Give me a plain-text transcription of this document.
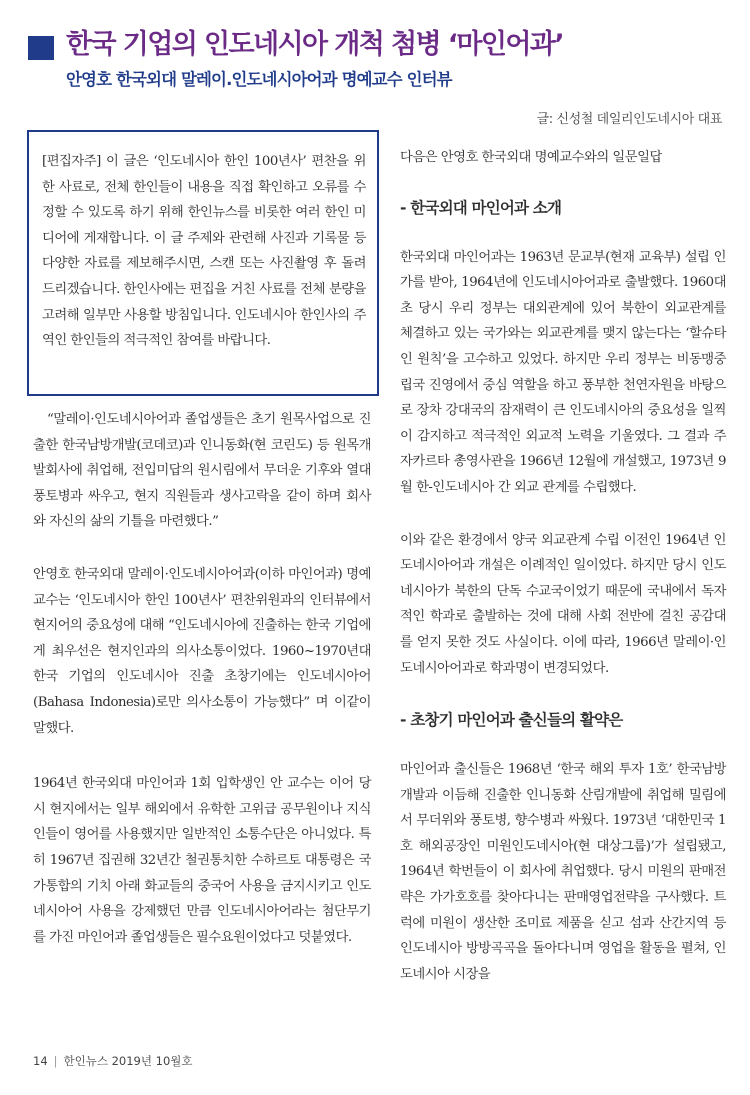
한국 기업의 인도네시아 개척 첨병 ‘마인어과’
안영호 한국외대 말레이.인도네시아어과 명예교수 인터뷰
글: 신성철 데일리인도네시아 대표

[편집자주] 이 글은 ‘인도네시아 한인 100년사’ 편찬을 위한 사료로, 전체 한인들이 내용을 직접 확인하고 오류를 수정할 수 있도록 하기 위해 한인뉴스를 비롯한 여러 한인 미디어에 게재합니다. 이 글 주제와 관련해 사진과 기록물 등 다양한 자료를 제보해주시면, 스캔 또는 사진촬영 후 돌려드리겠습니다. 한인사에는 편집을 거친 사료를 전체 분량을 고려해 일부만 사용할 방침입니다. 인도네시아 한인사의 주역인 한인들의 적극적인 참여를 바랍니다.

“말레이·인도네시아어과 졸업생들은 초기 원목사업으로 진출한 한국남방개발(코데코)과 인니동화(현 코린도) 등 원목개발회사에 취업해, 전입미답의 원시림에서 무더운 기후와 열대 풍토병과 싸우고, 현지 직원들과 생사고락을 같이 하며 회사와 자신의 삶의 기틀을 마련했다.”

안영호 한국외대 말레이·인도네시아어과(이하 마인어과) 명예교수는 ‘인도네시아 한인 100년사’ 편찬위원과의 인터뷰에서 현지어의 중요성에 대해 “인도네시아에 진출하는 한국 기업에게 최우선은 현지인과의 의사소통이었다. 1960~1970년대 한국 기업의 인도네시아 진출 초창기에는 인도네시아어(Bahasa Indonesia)로만 의사소통이 가능했다” 며 이같이 말했다.

1964년 한국외대 마인어과 1회 입학생인 안 교수는 이어 당시 현지에서는 일부 해외에서 유학한 고위급 공무원이나 지식인들이 영어를 사용했지만 일반적인 소통수단은 아니었다. 특히 1967년 집권해 32년간 철권통치한 수하르토 대통령은 국가통합의 기치 아래 화교들의 중국어 사용을 금지시키고 인도네시아어 사용을 강제했던 만큼 인도네시아어라는 첨단무기를 가진 마인어과 졸업생들은 필수요원이었다고 덧붙였다.

다음은 안영호 한국외대 명예교수와의 일문일답

- 한국외대 마인어과 소개

한국외대 마인어과는 1963년 문교부(현재 교육부) 설립 인가를 받아, 1964년에 인도네시아어과로 출발했다. 1960대 초 당시 우리 정부는 대외관계에 있어 북한이 외교관계를 체결하고 있는 국가와는 외교관계를 맺지 않는다는 ‘할슈타인 원칙’을 고수하고 있었다. 하지만 우리 정부는 비동맹중립국 진영에서 중심 역할을 하고 풍부한 천연자원을 바탕으로 장차 강대국의 잠재력이 큰 인도네시아의 중요성을 일찍이 감지하고 적극적인 외교적 노력을 기울였다. 그 결과 주자카르타 총영사관을 1966년 12월에 개설했고, 1973년 9월 한-인도네시아 간 외교 관계를 수립했다.

이와 같은 환경에서 양국 외교관계 수립 이전인 1964년 인도네시아어과 개설은 이례적인 일이었다. 하지만 당시 인도네시아가 북한의 단독 수교국이었기 때문에 국내에서 독자적인 학과로 출발하는 것에 대해 사회 전반에 걸친 공감대를 얻지 못한 것도 사실이다. 이에 따라, 1966년 말레이·인도네시아어과로 학과명이 변경되었다.

- 초창기 마인어과 출신들의 활약은

마인어과 출신들은 1968년 ‘한국 해외 투자 1호’ 한국남방개발과 이듬해 진출한 인니동화 산림개발에 취업해 밀림에서 무더위와 풍토병, 향수병과 싸웠다. 1973년 ‘대한민국 1호 해외공장인 미원인도네시아(현 대상그룹)’가 설립됐고, 1964년 학번들이 이 회사에 취업했다. 당시 미원의 판매전략은 가가호호를 찾아다니는 판매영업전략을 구사했다. 트럭에 미원이 생산한 조미료 제품을 싣고 섬과 산간지역 등 인도네시아 방방곡곡을 돌아다니며 영업을 활동을 펼쳐, 인도네시아 시장을

14 | 한인뉴스 2019년 10월호
